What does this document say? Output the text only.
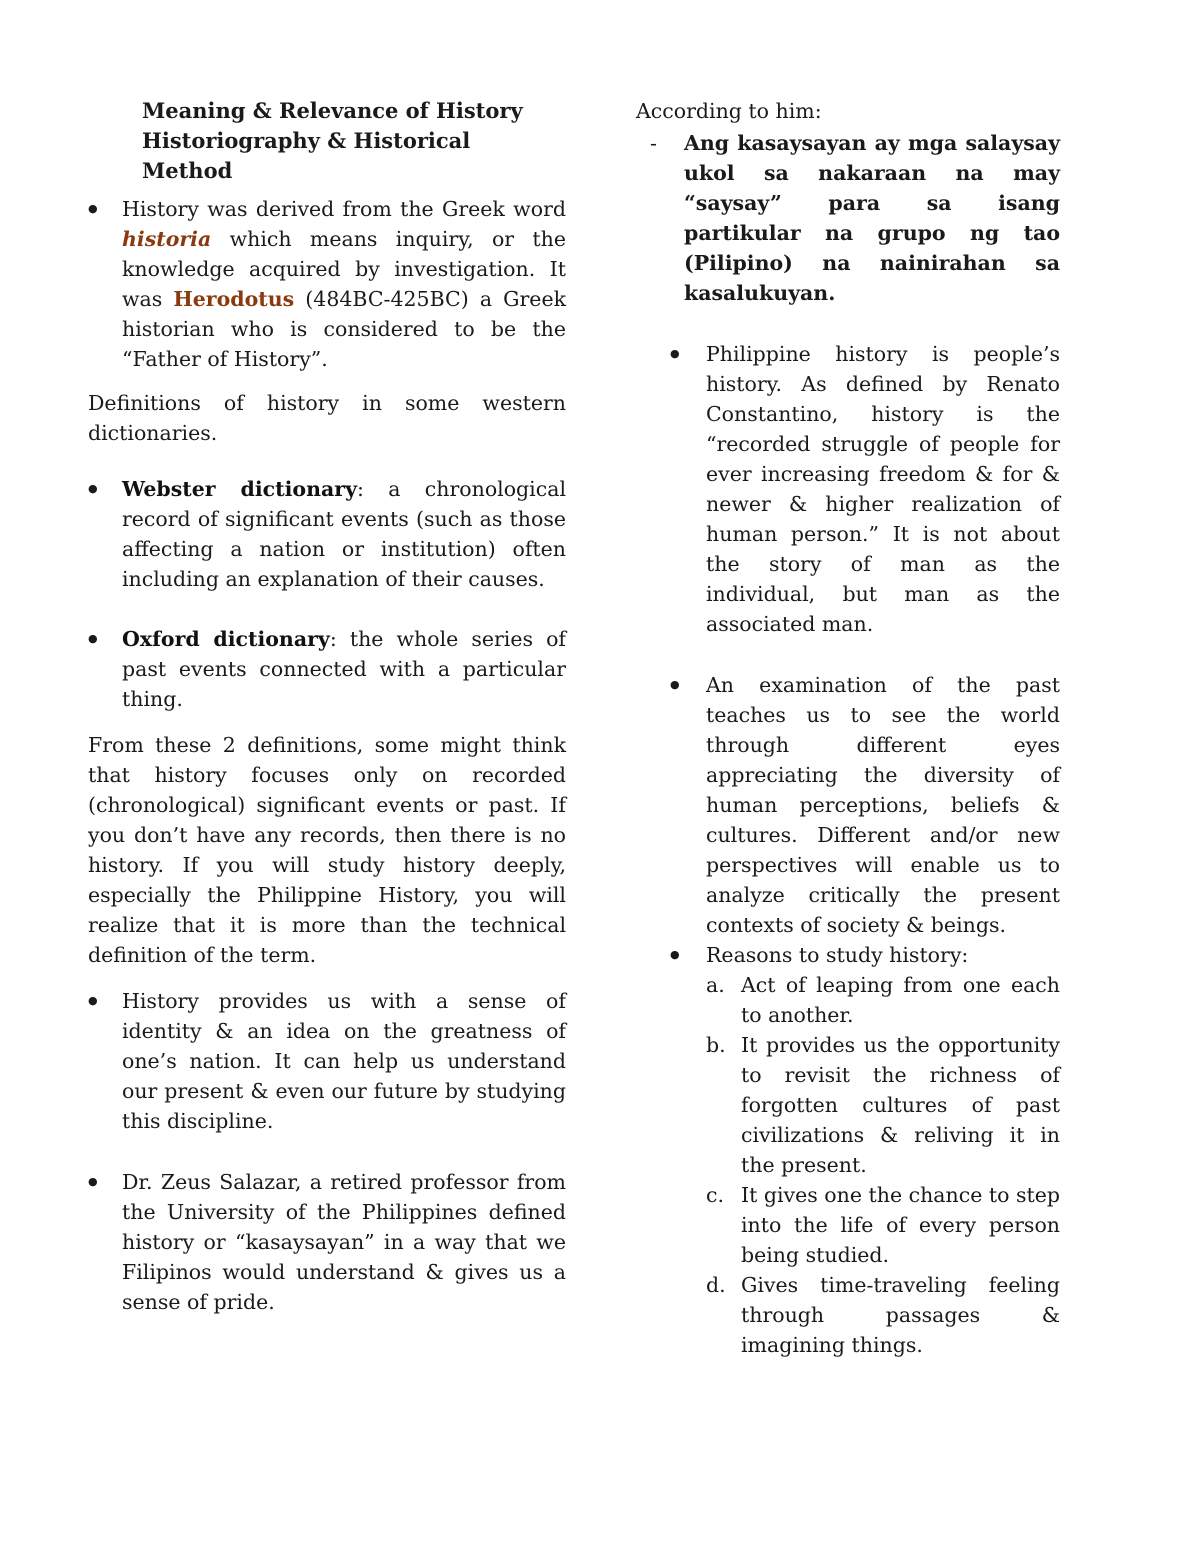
Meaning & Relevance of History
Historiography & Historical
Method

● History was derived from the Greek word historia which means inquiry, or the knowledge acquired by investigation. It was Herodotus (484BC-425BC) a Greek historian who is considered to be the “Father of History”.

Definitions of history in some western dictionaries.

● Webster dictionary: a chronological record of significant events (such as those affecting a nation or institution) often including an explanation of their causes.

● Oxford dictionary: the whole series of past events connected with a particular thing.

From these 2 definitions, some might think that history focuses only on recorded (chronological) significant events or past. If you don’t have any records, then there is no history. If you will study history deeply, especially the Philippine History, you will realize that it is more than the technical definition of the term.

● History provides us with a sense of identity & an idea on the greatness of one’s nation. It can help us understand our present & even our future by studying this discipline.

● Dr. Zeus Salazar, a retired professor from the University of the Philippines defined history or “kasaysayan” in a way that we Filipinos would understand & gives us a sense of pride.

According to him:

- Ang kasaysayan ay mga salaysay ukol sa nakaraan na may “saysay” para sa isang partikular na grupo ng tao (Pilipino) na nainirahan sa kasalukuyan.

● Philippine history is people’s history. As defined by Renato Constantino, history is the “recorded struggle of people for ever increasing freedom & for & newer & higher realization of human person.” It is not about the story of man as the individual, but man as the associated man.

● An examination of the past teaches us to see the world through different eyes appreciating the diversity of human perceptions, beliefs & cultures. Different and/or new perspectives will enable us to analyze critically the present contexts of society & beings.

● Reasons to study history:

a. Act of leaping from one each to another.

b. It provides us the opportunity to revisit the richness of forgotten cultures of past civilizations & reliving it in the present.

c. It gives one the chance to step into the life of every person being studied.

d. Gives time-traveling feeling through passages & imagining things.
